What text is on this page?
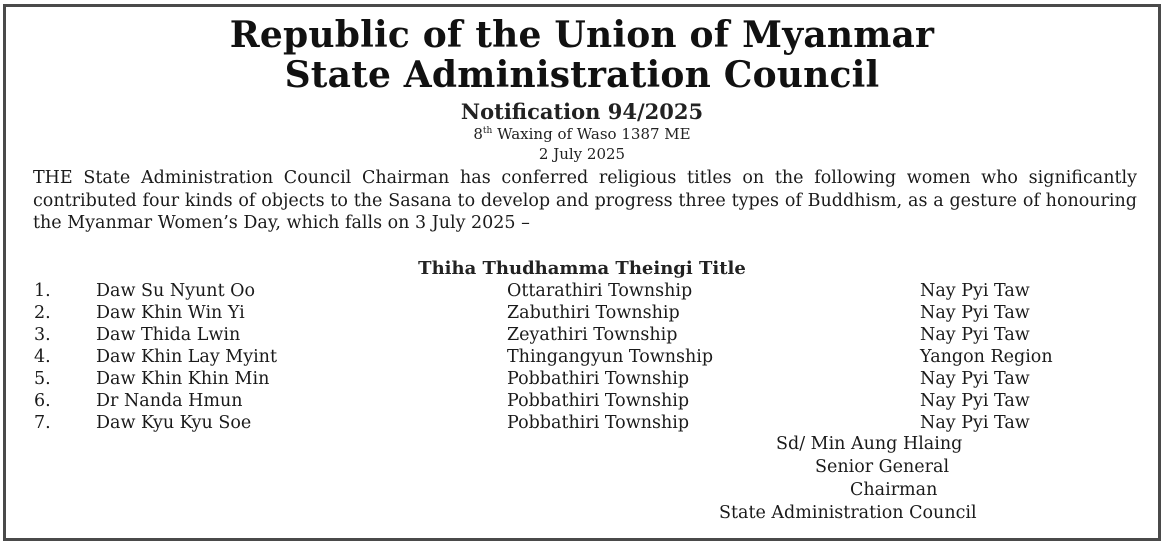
Republic of the Union of Myanmar
State Administration Council
Notification 94/2025
8th Waxing of Waso 1387 ME
2 July 2025
THE State Administration Council Chairman has conferred religious titles on the following women who significantly contributed four kinds of objects to the Sasana to develop and progress three types of Buddhism, as a gesture of honouring the Myanmar Women’s Day, which falls on 3 July 2025 –
Thiha Thudhamma Theingi Title
1.	Daw Su Nyunt Oo	Ottarathiri Township	Nay Pyi Taw
2.	Daw Khin Win Yi	Zabuthiri Township	Nay Pyi Taw
3.	Daw Thida Lwin	Zeyathiri Township	Nay Pyi Taw
4.	Daw Khin Lay Myint	Thingangyun Township	Yangon Region
5.	Daw Khin Khin Min	Pobbathiri Township	Nay Pyi Taw
6.	Dr Nanda Hmun	Pobbathiri Township	Nay Pyi Taw
7.	Daw Kyu Kyu Soe	Pobbathiri Township	Nay Pyi Taw
Sd/ Min Aung Hlaing
Senior General
Chairman
State Administration Council
